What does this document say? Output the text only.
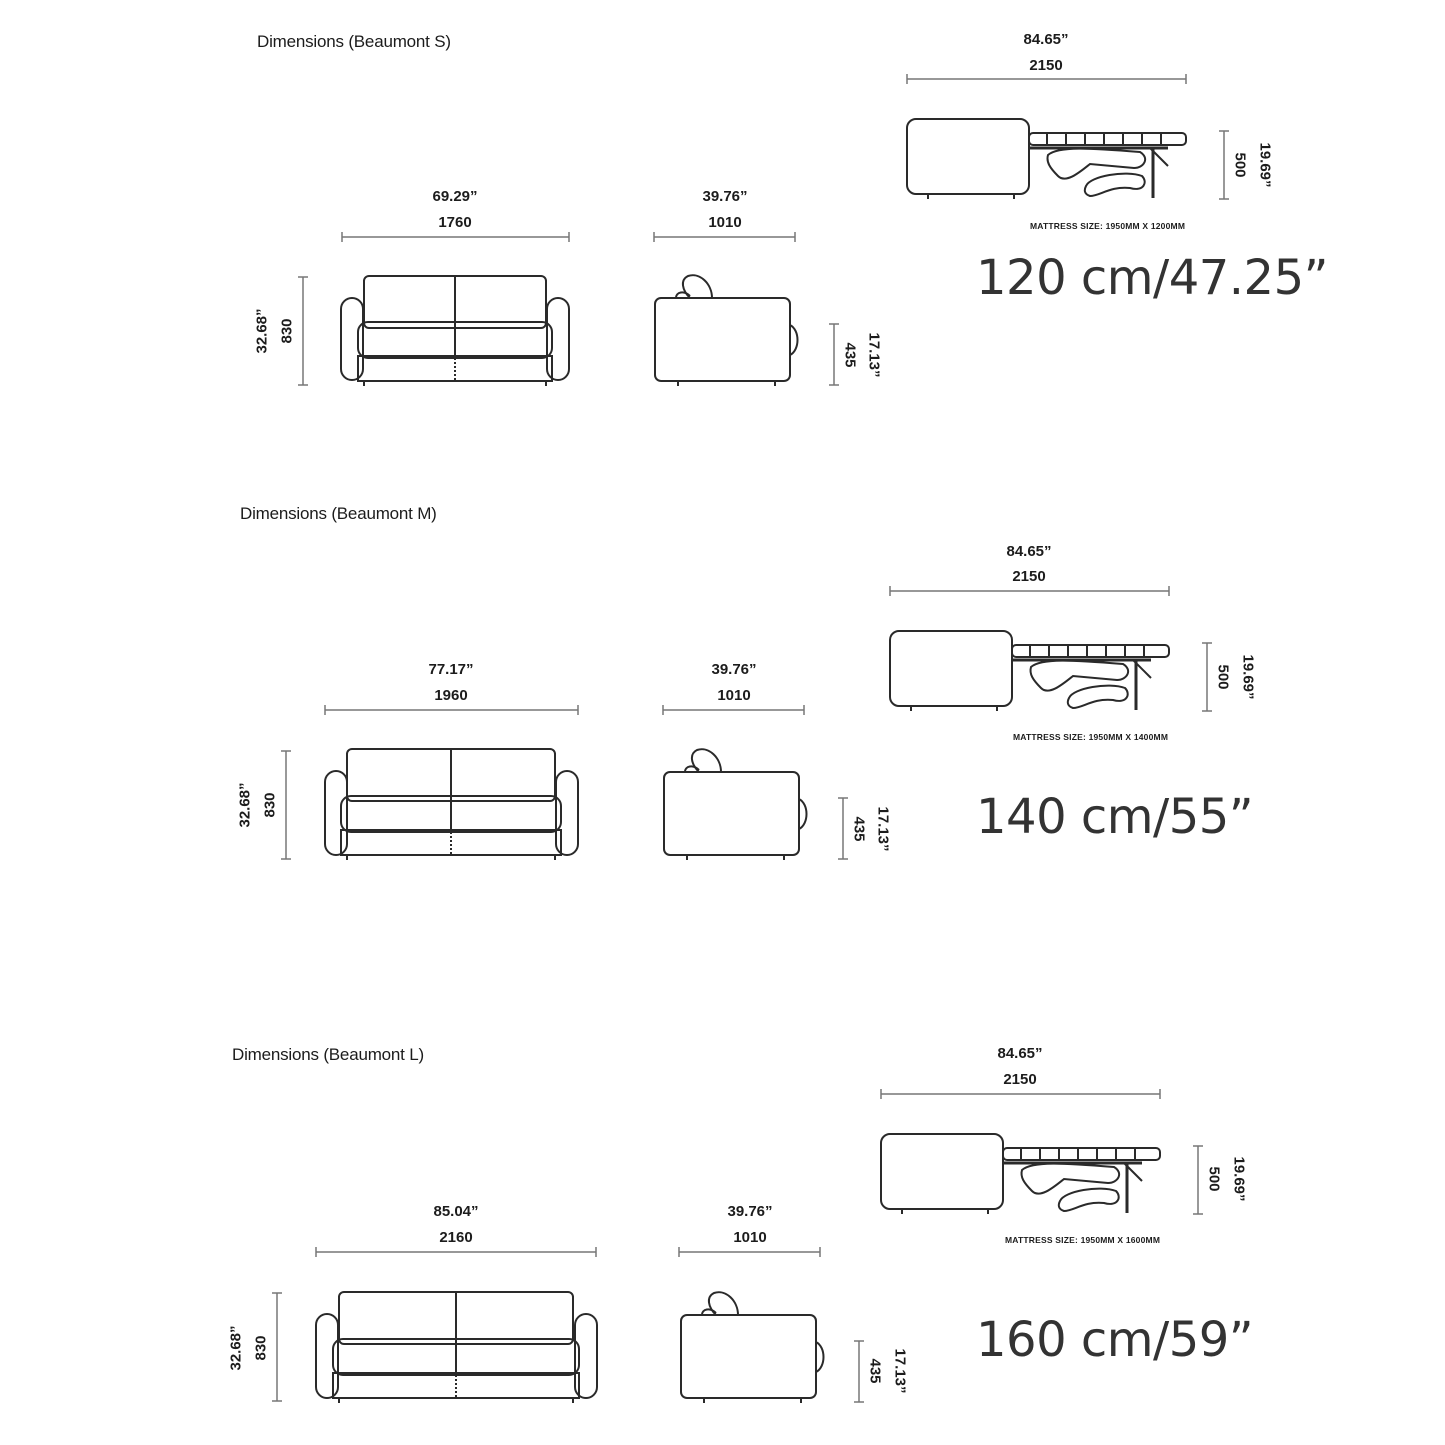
Dimensions (Beaumont S)
69.29”
1760
32.68” 830
39.76”
1010
435 17.13”
84.65”
2150
500 19.69”
MATTRESS SIZE: 1950MM X 1200MM
120 cm/47.25”
Dimensions (Beaumont M)
77.17”
1960
32.68” 830
39.76”
1010
435 17.13”
84.65”
2150
500 19.69”
MATTRESS SIZE: 1950MM X 1400MM
140 cm/55”
Dimensions (Beaumont L)
85.04”
2160
32.68” 830
39.76”
1010
435 17.13”
84.65”
2150
500 19.69”
MATTRESS SIZE: 1950MM X 1600MM
160 cm/59”
